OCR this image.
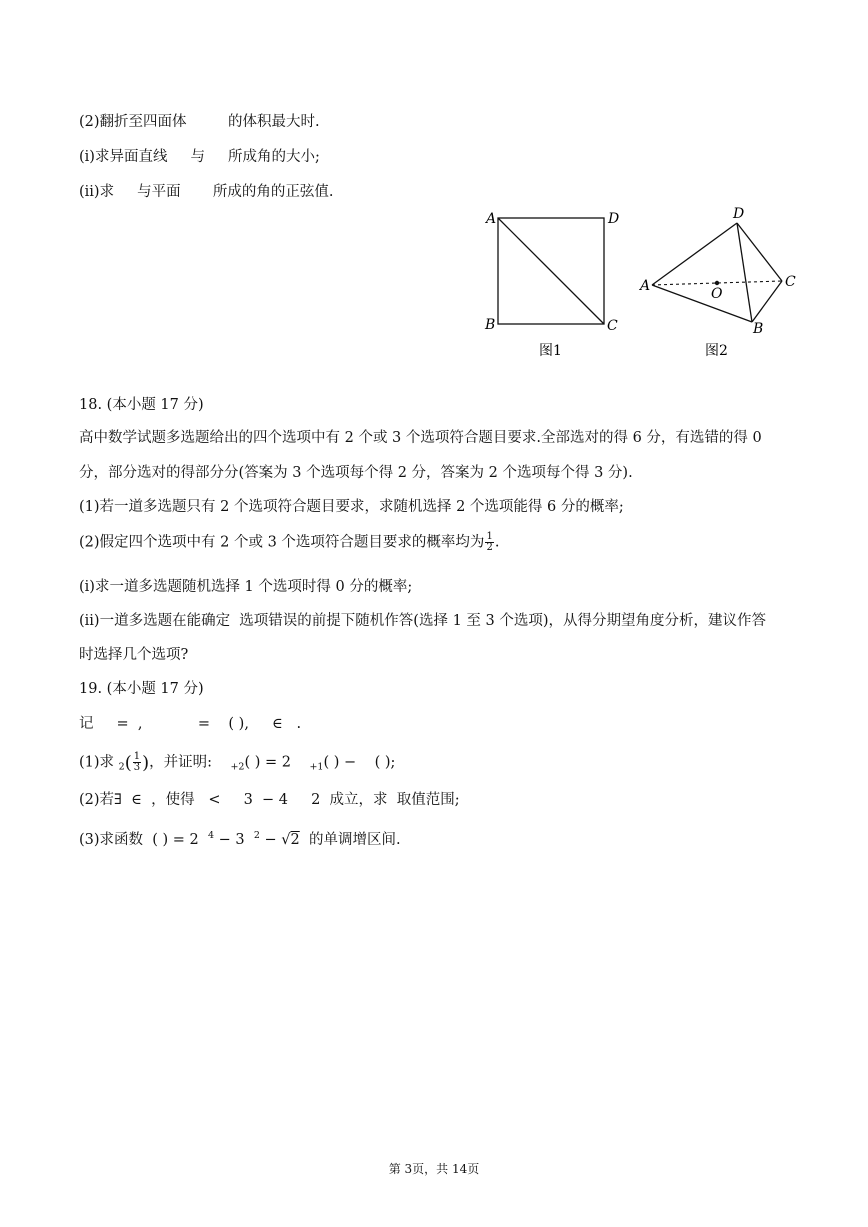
(2)翻折至四面体         的体积最大时.
(i)求异面直线     与     所成角的大小;
(ii)求     与平面       所成的角的正弦值.
A	D
B	C
图1
A
D
C
B
O
图2
18. (本小题 17 分)
高中数学试题多选题给出的四个选项中有 2 个或 3 个选项符合题目要求.全部选对的得 6 分，有选错的得 0
分，部分选对的得部分分(答案为 3 个选项每个得 2 分，答案为 2 个选项每个得 3 分).
(1)若一道多选题只有 2 个选项符合题目要求，求随机选择 2 个选项能得 6 分的概率;
(2)假定四个选项中有 2 个或 3 个选项符合题目要求的概率均为 $\frac{1}{2}$ .
(i)求一道多选题随机选择 1 个选项时得 0 分的概率;
(ii)一道多选题在能确定  选项错误的前提下随机作答(选择 1 至 3 个选项)，从得分期望角度分析，建议作答
时选择几个选项?
19. (本小题 17 分)
记     =  ,            =    ( ),     ∈   .
(1)求 $_2( \frac{1}{3}$ )，并证明:    $_{+2}$( ) = 2    $_{+1}$( ) −    ( );
(2)若∃  ∈  ，使得   <     3  − 4     2  成立，求  取值范围;
(3)求函数  ( ) = 2  $^4$ − 3  $^2$ − √2  的单调增区间.
第 3页，共 14页
